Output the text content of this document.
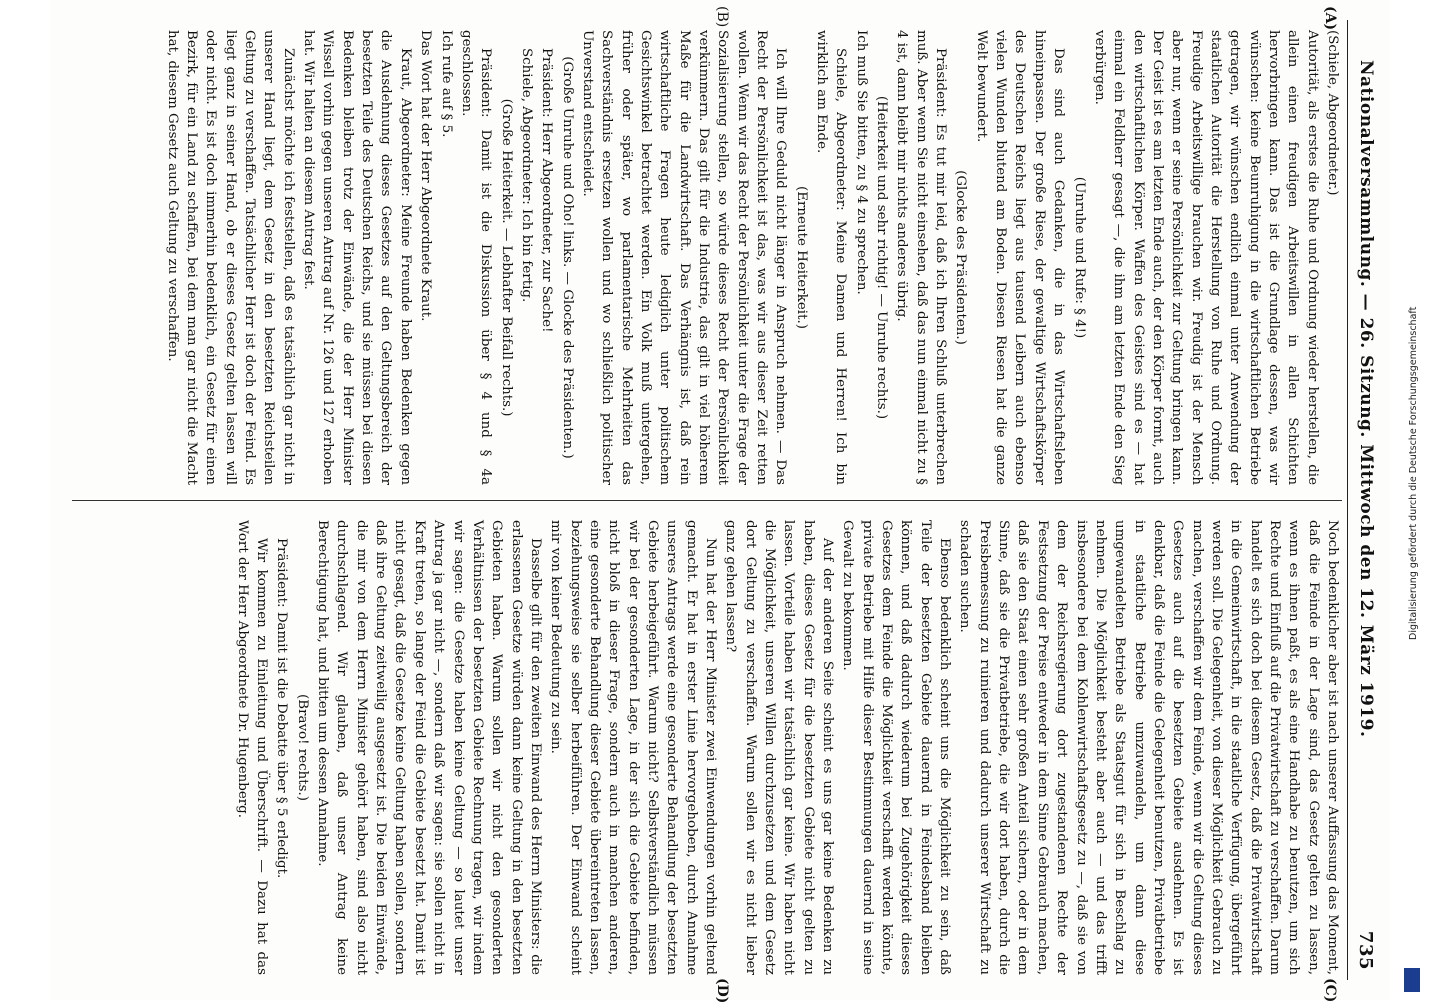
Nationalversammlung. — 26. Sitzung. Mittwoch den 12. März 1919.
735
(A)
(B)
(C)
(D)

(Schiele, Abgeordneter.)

Autorität, als erstes die Ruhe und Ordnung wieder herstellen, die allein einen freudigen Arbeitswillen in allen Schichten hervorbringen kann. Das ist die Grundlage dessen, was wir wünschen: keine Beunruhigung in die wirtschaftlichen Betriebe getragen, wir wünschen endlich einmal unter Anwendung der staatlichen Autorität die Herstellung von Ruhe und Ordnung. Freudige Arbeitswillige brauchen wir. Freudig ist der Mensch aber nur, wenn er seine Persönlichkeit zur Geltung bringen kann. Der Geist ist es am letzten Ende auch, der den Körper formt, auch den wirtschaftlichen Körper. Waffen des Geistes sind es — hat einmal ein Feldherr gesagt —, die ihm am letzten Ende den Sieg verbürgen.

(Unruhe und Rufe: § 4!)

Das sind auch Gedanken, die in das Wirtschaftsleben hineinpassen. Der große Riese, der gewaltige Wirtschaftskörper des Deutschen Reichs liegt aus tausend Leibern auch ebenso vielen Wunden blutend am Boden. Diesen Riesen hat die ganze Welt bewundert.

(Glocke des Präsidenten.)

Präsident: Es tut mir leid, daß ich Ihren Schluß unterbrechen muß. Aber wenn Sie nicht einsehen, daß das nun einmal nicht zu § 4 ist, dann bleibt mir nichts anderes übrig.

(Heiterkeit und sehr richtig! — Unruhe rechts.)

Ich muß Sie bitten, zu § 4 zu sprechen.

Schiele, Abgeordneter: Meine Damen und Herren! Ich bin wirklich am Ende.

(Erneute Heiterkeit.)

Ich will Ihre Geduld nicht länger in Anspruch nehmen. — Das Recht der Persönlichkeit ist das, was wir aus dieser Zeit retten wollen. Wenn wir das Recht der Persönlichkeit unter die Frage der Sozialisierung stellen, so würde dieses Recht der Persönlichkeit verkümmern. Das gilt für die Industrie, das gilt in viel höherem Maße für die Landwirtschaft. Das Verhängnis ist, daß rein wirtschaftliche Fragen heute lediglich unter politischem Gesichtswinkel betrachtet werden. Ein Volk muß untergehen, früher oder später, wo parlamentarische Mehrheiten das Sachverständnis ersetzen wollen und wo schließlich politischer Unverstand entscheidet.

(Große Unruhe und Oho! links. — Glocke des Präsidenten.)

Präsident: Herr Abgeordneter, zur Sache!

Schiele, Abgeordneter: Ich bin fertig.

(Große Heiterkeit. — Lebhafter Beifall rechts.)

Präsident: Damit ist die Diskussion über § 4 und § 4a geschlossen.

Ich rufe auf § 5.

Das Wort hat der Herr Abgeordnete Kraut.

Kraut, Abgeordneter: Meine Freunde haben Bedenken gegen die Ausdehnung dieses Gesetzes auf den Geltungsbereich der besetzten Teile des Deutschen Reichs, und sie müssen bei diesen Bedenken bleiben trotz der Einwände, die der Herr Minister Wissell vorhin gegen unseren Antrag auf Nr. 126 und 127 erhoben hat. Wir halten an diesem Antrag fest.

Zunächst möchte ich feststellen, daß es tatsächlich gar nicht in unserer Hand liegt, dem Gesetz in den besetzten Reichsteilen Geltung zu verschaffen. Tatsächlicher Herr ist doch der Feind. Es liegt ganz in seiner Hand, ob er dieses Gesetz gelten lassen will oder nicht. Es ist doch immerhin bedenklich, ein Gesetz für einen Bezirk, für ein Land zu schaffen, bei dem man gar nicht die Macht hat, diesem Gesetz auch Geltung zu verschaffen.

Noch bedenklicher aber ist nach unserer Auffassung das Moment, daß die Feinde in der Lage sind, das Gesetz gelten zu lassen, wenn es ihnen paßt, es als eine Handhabe zu benutzen, um sich Rechte und Einfluß auf die Privatwirtschaft zu verschaffen. Darum handelt es sich doch bei diesem Gesetz, daß die Privatwirtschaft in die Gemeinwirtschaft, in die staatliche Verfügung, übergeführt werden soll. Die Gelegenheit, von dieser Möglichkeit Gebrauch zu machen, verschaffen wir dem Feinde, wenn wir die Geltung dieses Gesetzes auch auf die besetzten Gebiete ausdehnen. Es ist denkbar, daß die Feinde die Gelegenheit benutzen, Privatbetriebe in staatliche Betriebe umzuwandeln, um dann diese umgewandelten Betriebe als Staatsgut für sich in Beschlag zu nehmen. Die Möglichkeit besteht aber auch — und das trifft insbesondere bei dem Kohlenwirtschaftsgesetz zu —, daß sie von dem der Reichsregierung dort zugestandenen Rechte der Festsetzung der Preise entweder in dem Sinne Gebrauch machen, daß sie den Staat einen sehr großen Anteil sichern, oder in dem Sinne, daß sie die Privatbetriebe, die wir dort haben, durch die Preisbemessung zu ruinieren und dadurch unserer Wirtschaft zu schaden suchen.

Ebenso bedenklich scheint uns die Möglichkeit zu sein, daß Teile der besetzten Gebiete dauernd in Feindesband bleiben können, und daß dadurch wiederum bei Zugehörigkeit dieses Gesetzes dem Feinde die Möglichkeit verschafft werden könnte, private Betriebe mit Hilfe dieser Bestimmungen dauernd in seine Gewalt zu bekommen.

Auf der anderen Seite scheint es uns gar keine Bedenken zu haben, dieses Gesetz für die besetzten Gebiete nicht gelten zu lassen. Vorteile haben wir tatsächlich gar keine. Wir haben nicht die Möglichkeit, unseren Willen durchzusetzen und dem Gesetz dort Geltung zu verschaffen. Warum sollen wir es nicht lieber ganz gehen lassen?

Nun hat der Herr Minister zwei Einwendungen vorhin geltend gemacht. Er hat in erster Linie hervorgehoben, durch Annahme unseres Antrags werde eine gesonderte Behandlung der besetzten Gebiete herbeigeführt. Warum nicht? Selbstverständlich müssen wir bei der gesonderten Lage, in der sich die Gebiete befinden, nicht bloß in dieser Frage, sondern auch in manchen anderen, eine gesonderte Behandlung dieser Gebiete übereintreten lassen, beziehungsweise sie selber herbeiführen. Der Einwand scheint mir von keiner Bedeutung zu sein.

Dasselbe gilt für den zweiten Einwand des Herrn Ministers: die erlassenen Gesetze würden dann keine Geltung in den besetzten Gebieten haben. Warum sollen wir nicht den gesonderten Verhältnissen der besetzten Gebiete Rechnung tragen, wir indem wir sagen: die Gesetze haben keine Geltung — so lautet unser Antrag ja gar nicht —, sondern daß wir sagen: sie sollen nicht in Kraft treten, so lange der Feind die Gebiete besetzt hat. Damit ist nicht gesagt, daß die Gesetze keine Geltung haben sollen, sondern daß ihre Geltung zeitweilig ausgesetzt ist. Die beiden Einwände, die mir von dem Herrn Minister gehört haben, sind also nicht durchschlagend. Wir glauben, daß unser Antrag keine Berechtigung hat, und bitten um dessen Annahme.

(Bravo! rechts.)

Präsident: Damit ist die Debatte über § 5 erledigt.

Wir kommen zu Einleitung und Überschrift. — Dazu hat das Wort der Herr Abgeordnete Dr. Hugenberg.

Digitalisierung gefördert durch die Deutsche Forschungsgemeinschaft
